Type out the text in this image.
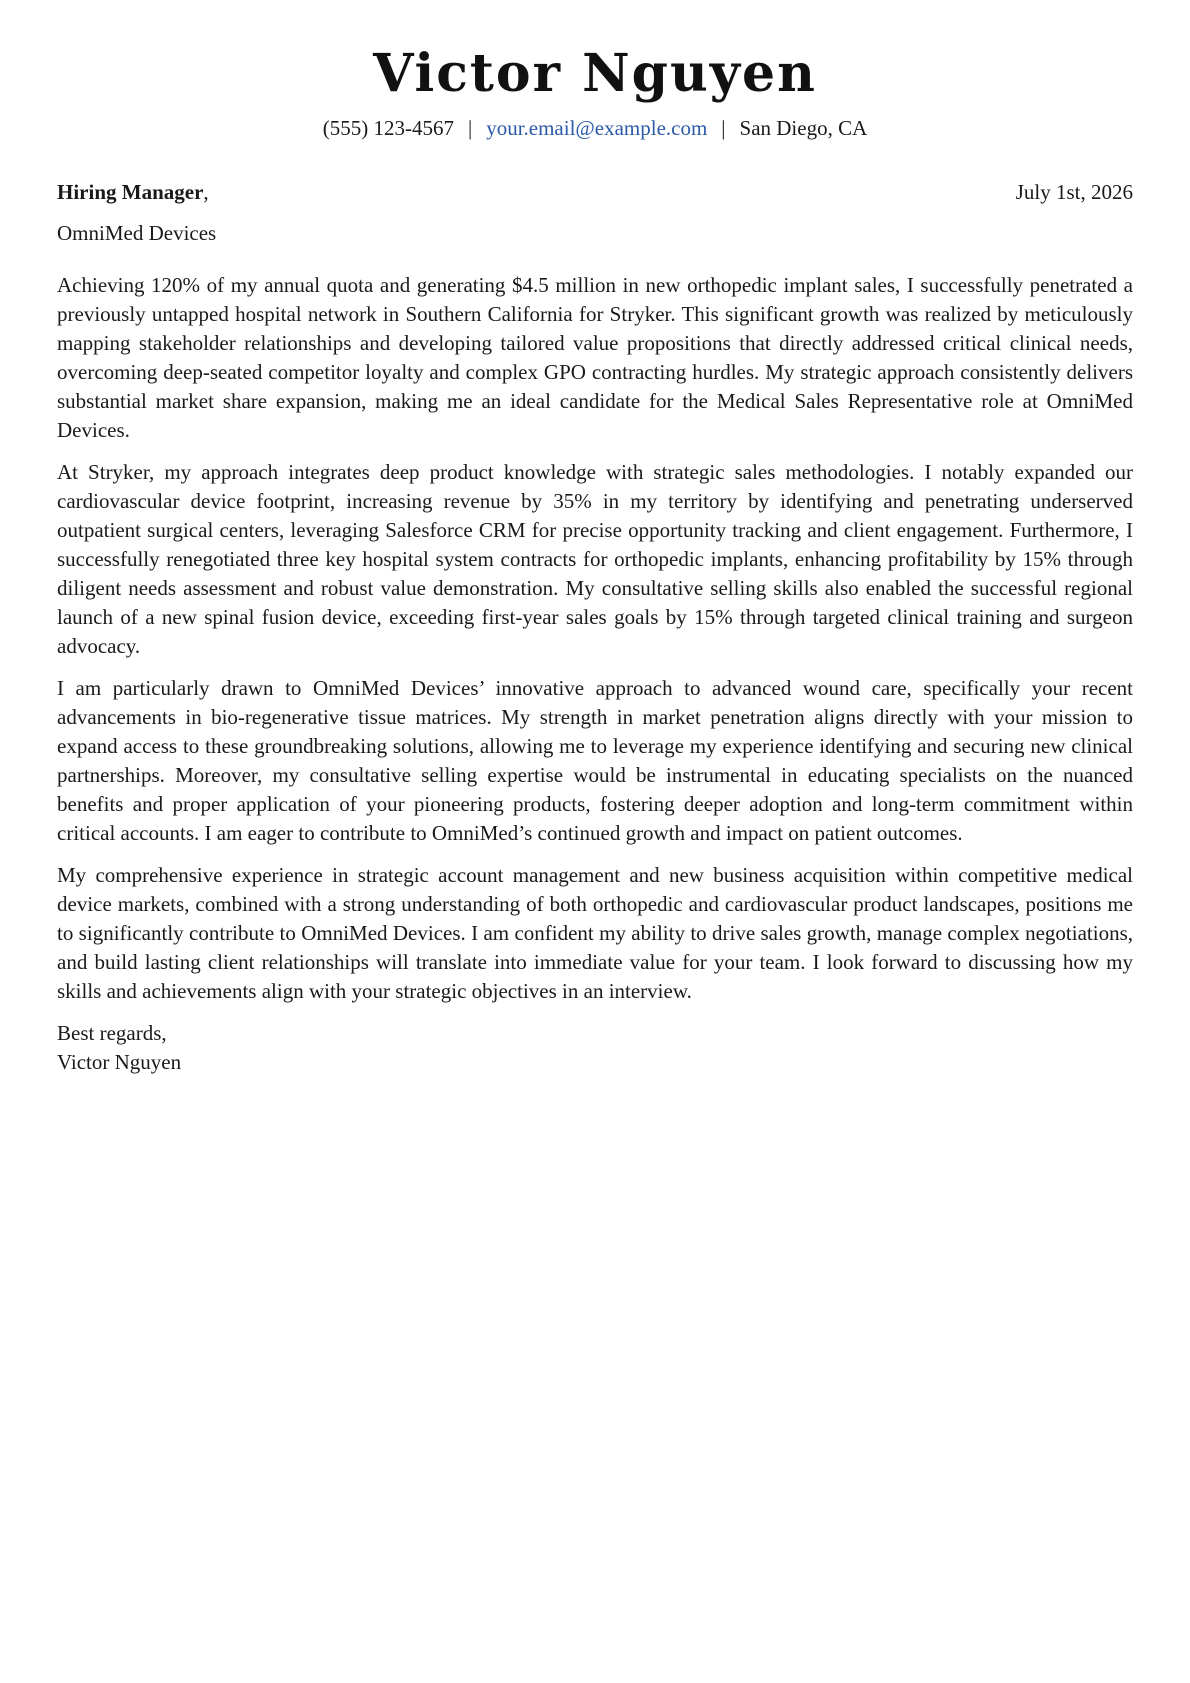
Victor Nguyen
(555) 123-4567 | your.email@example.com | San Diego, CA
Hiring Manager,	July 1st, 2026
OmniMed Devices

Achieving 120% of my annual quota and generating $4.5 million in new orthopedic implant sales, I successfully penetrated a previously untapped hospital network in Southern California for Stryker. This significant growth was realized by meticulously mapping stakeholder relationships and developing tailored value propositions that directly addressed critical clinical needs, overcoming deep-seated competitor loyalty and complex GPO contracting hurdles. My strategic approach consistently delivers substantial market share expansion, making me an ideal candidate for the Medical Sales Representative role at OmniMed Devices.

At Stryker, my approach integrates deep product knowledge with strategic sales methodologies. I notably expanded our cardiovascular device footprint, increasing revenue by 35% in my territory by identifying and penetrating underserved outpatient surgical centers, leveraging Salesforce CRM for precise opportunity tracking and client engagement. Furthermore, I successfully renegotiated three key hospital system contracts for orthopedic implants, enhancing profitability by 15% through diligent needs assessment and robust value demonstration. My consultative selling skills also enabled the successful regional launch of a new spinal fusion device, exceeding first-year sales goals by 15% through targeted clinical training and surgeon advocacy.

I am particularly drawn to OmniMed Devices’ innovative approach to advanced wound care, specifically your recent advancements in bio-regenerative tissue matrices. My strength in market penetration aligns directly with your mission to expand access to these groundbreaking solutions, allowing me to leverage my experience identifying and securing new clinical partnerships. Moreover, my consultative selling expertise would be instrumental in educating specialists on the nuanced benefits and proper application of your pioneering products, fostering deeper adoption and long-term commitment within critical accounts. I am eager to contribute to OmniMed’s continued growth and impact on patient outcomes.

My comprehensive experience in strategic account management and new business acquisition within competitive medical device markets, combined with a strong understanding of both orthopedic and cardiovascular product landscapes, positions me to significantly contribute to OmniMed Devices. I am confident my ability to drive sales growth, manage complex negotiations, and build lasting client relationships will translate into immediate value for your team. I look forward to discussing how my skills and achievements align with your strategic objectives in an interview.

Best regards,
Victor Nguyen
